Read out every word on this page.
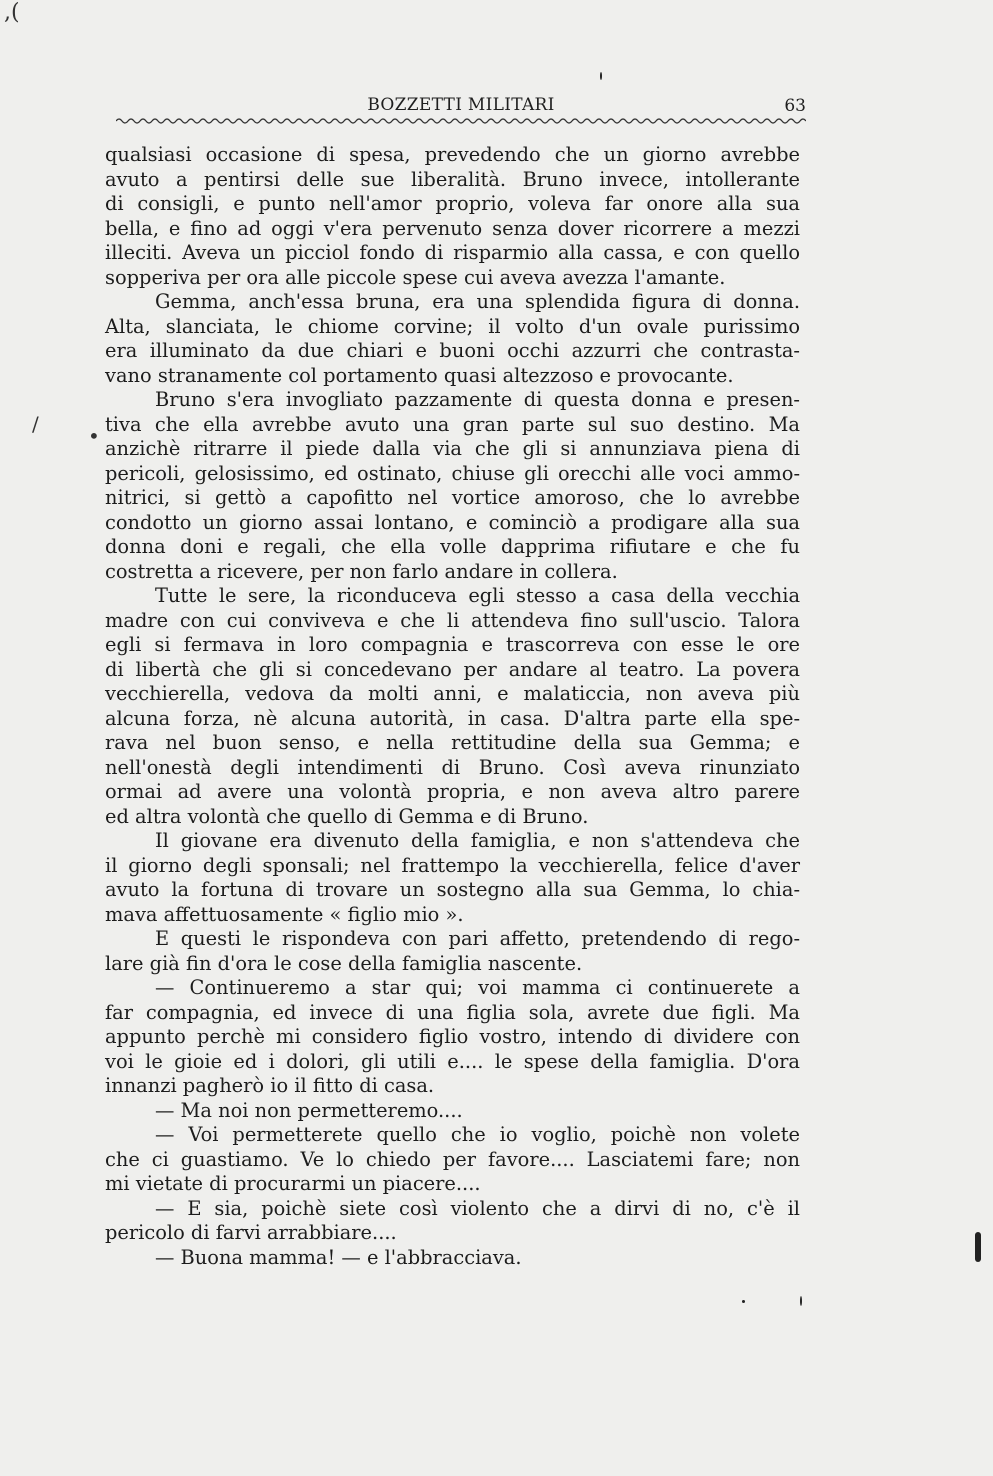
,(
/ •
BOZZETTI MILITARI	63
qualsiasi occasione di spesa, prevedendo che un giorno avrebbe
avuto a pentirsi delle sue liberalità. Bruno invece, intollerante
di consigli, e punto nell'amor proprio, voleva far onore alla sua
bella, e fino ad oggi v'era pervenuto senza dover ricorrere a mezzi
illeciti. Aveva un picciol fondo di risparmio alla cassa, e con quello
sopperiva per ora alle piccole spese cui aveva avezza l'amante.
Gemma, anch'essa bruna, era una splendida figura di donna.
Alta, slanciata, le chiome corvine; il volto d'un ovale purissimo
era illuminato da due chiari e buoni occhi azzurri che contrasta-
vano stranamente col portamento quasi altezzoso e provocante.
Bruno s'era invogliato pazzamente di questa donna e presen-
tiva che ella avrebbe avuto una gran parte sul suo destino. Ma
anzichè ritrarre il piede dalla via che gli si annunziava piena di
pericoli, gelosissimo, ed ostinato, chiuse gli orecchi alle voci ammo-
nitrici, si gettò a capofitto nel vortice amoroso, che lo avrebbe
condotto un giorno assai lontano, e cominciò a prodigare alla sua
donna doni e regali, che ella volle dapprima rifiutare e che fu
costretta a ricevere, per non farlo andare in collera.
Tutte le sere, la riconduceva egli stesso a casa della vecchia
madre con cui conviveva e che li attendeva fino sull'uscio. Talora
egli si fermava in loro compagnia e trascorreva con esse le ore
di libertà che gli si concedevano per andare al teatro. La povera
vecchierella, vedova da molti anni, e malaticcia, non aveva più
alcuna forza, nè alcuna autorità, in casa. D'altra parte ella spe-
rava nel buon senso, e nella rettitudine della sua Gemma; e
nell'onestà degli intendimenti di Bruno. Così aveva rinunziato
ormai ad avere una volontà propria, e non aveva altro parere
ed altra volontà che quello di Gemma e di Bruno.
Il giovane era divenuto della famiglia, e non s'attendeva che
il giorno degli sponsali; nel frattempo la vecchierella, felice d'aver
avuto la fortuna di trovare un sostegno alla sua Gemma, lo chia-
mava affettuosamente « figlio mio ».
E questi le rispondeva con pari affetto, pretendendo di rego-
lare già fin d'ora le cose della famiglia nascente.
— Continueremo a star qui; voi mamma ci continuerete a
far compagnia, ed invece di una figlia sola, avrete due figli. Ma
appunto perchè mi considero figlio vostro, intendo di dividere con
voi le gioie ed i dolori, gli utili e.... le spese della famiglia. D'ora
innanzi pagherò io il fitto di casa.
— Ma noi non permetteremo....
— Voi permetterete quello che io voglio, poichè non volete
che ci guastiamo. Ve lo chiedo per favore.... Lasciatemi fare; non
mi vietate di procurarmi un piacere....
— E sia, poichè siete così violento che a dirvi di no, c'è il
pericolo di farvi arrabbiare....
— Buona mamma! — e l'abbracciava.
